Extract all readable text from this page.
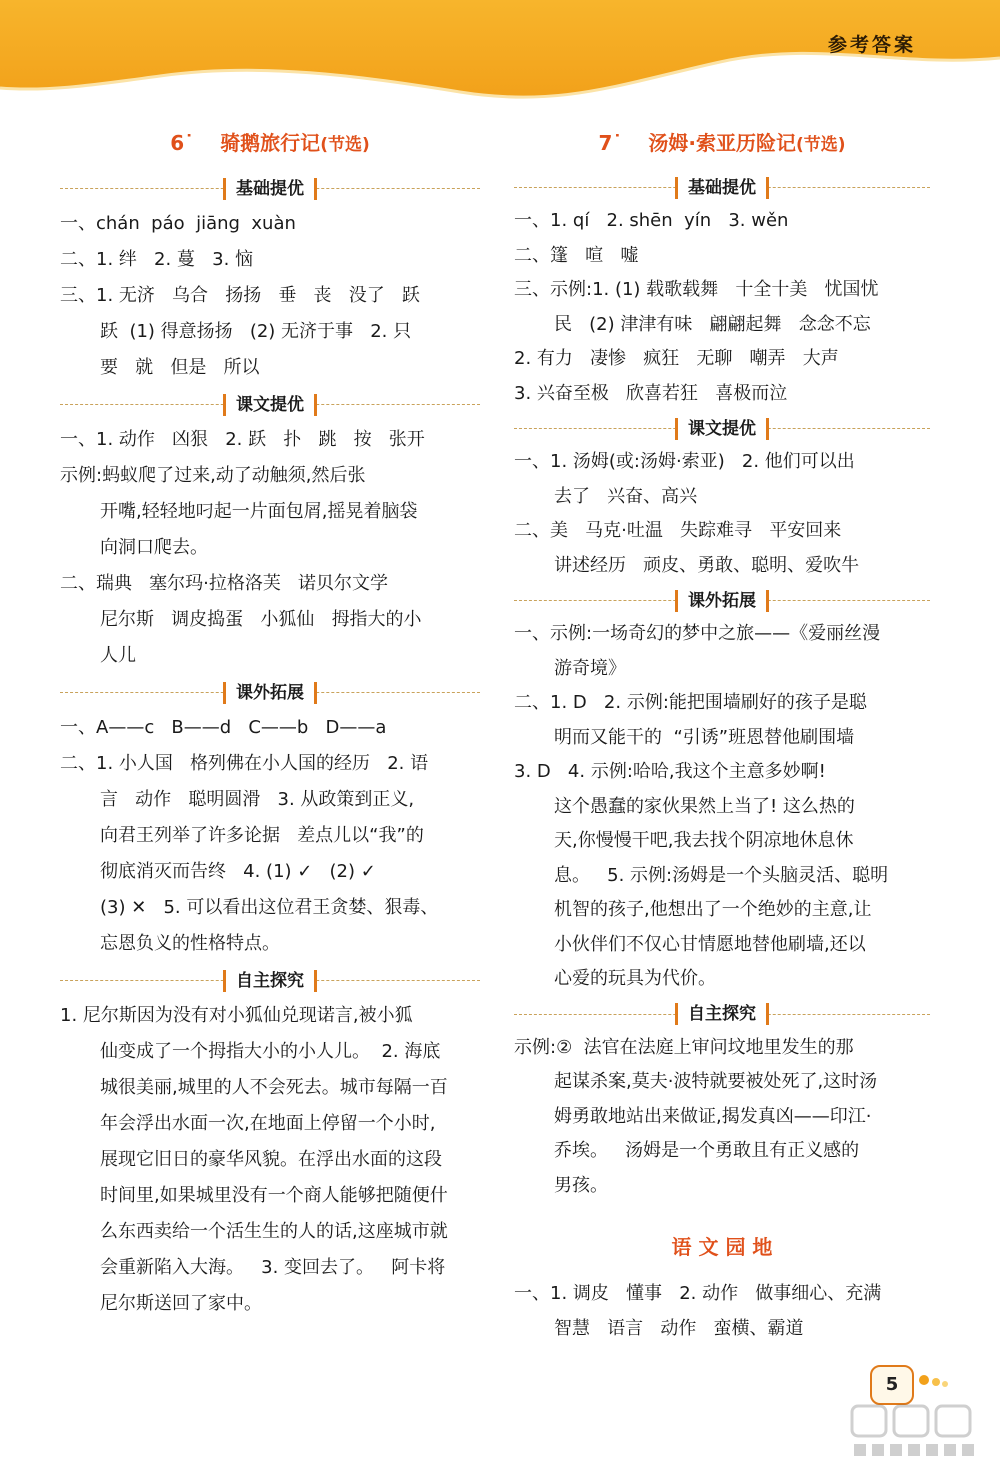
参考答案
6˙ 骑鹅旅行记(节选)
基础提优
一、chán  páo  jiāng  xuàn
二、1. 绊   2. 蔓   3. 恼
三、1. 无济   乌合   扬扬   垂   丧   没了   跃
跃  (1) 得意扬扬   (2) 无济于事   2. 只
要   就   但是   所以
课文提优
一、1. 动作   凶狠   2. 跃   扑   跳   按   张开
示例:蚂蚁爬了过来,动了动触须,然后张
开嘴,轻轻地叼起一片面包屑,摇晃着脑袋
向洞口爬去。
二、瑞典   塞尔玛·拉格洛芙   诺贝尔文学
尼尔斯   调皮捣蛋   小狐仙   拇指大的小
人儿
课外拓展
一、A——c   B——d   C——b   D——a
二、1. 小人国   格列佛在小人国的经历   2. 语
言   动作   聪明圆滑   3. 从政策到正义,
向君王列举了许多论据   差点儿以“我”的
彻底消灭而告终   4. (1) ✓   (2) ✓
(3) ✕   5. 可以看出这位君王贪婪、狠毒、
忘恩负义的性格特点。
自主探究
1. 尼尔斯因为没有对小狐仙兑现诺言,被小狐
仙变成了一个拇指大小的小人儿。  2. 海底
城很美丽,城里的人不会死去。城市每隔一百
年会浮出水面一次,在地面上停留一个小时,
展现它旧日的豪华风貌。在浮出水面的这段
时间里,如果城里没有一个商人能够把随便什
么东西卖给一个活生生的人的话,这座城市就
会重新陷入大海。   3. 变回去了。   阿卡将
尼尔斯送回了家中。
7˙ 汤姆·索亚历险记(节选)
基础提优
一、1. qí   2. shēn  yín   3. wěn
二、篷   喧   嘘
三、示例:1. (1) 载歌载舞   十全十美   忧国忧
民   (2) 津津有味   翩翩起舞   念念不忘
2. 有力   凄惨   疯狂   无聊   嘲弄   大声
3. 兴奋至极   欣喜若狂   喜极而泣
课文提优
一、1. 汤姆(或:汤姆·索亚)   2. 他们可以出
去了   兴奋、高兴
二、美   马克·吐温   失踪难寻   平安回来
讲述经历   顽皮、勇敢、聪明、爱吹牛
课外拓展
一、示例:一场奇幻的梦中之旅——《爱丽丝漫
游奇境》
二、1. D   2. 示例:能把围墙刷好的孩子是聪
明而又能干的  “引诱”班恩替他刷围墙
3. D   4. 示例:哈哈,我这个主意多妙啊!
这个愚蠢的家伙果然上当了! 这么热的
天,你慢慢干吧,我去找个阴凉地休息休
息。   5. 示例:汤姆是一个头脑灵活、聪明
机智的孩子,他想出了一个绝妙的主意,让
小伙伴们不仅心甘情愿地替他刷墙,还以
心爱的玩具为代价。
自主探究
示例:②  法官在法庭上审问坟地里发生的那
起谋杀案,莫夫·波特就要被处死了,这时汤
姆勇敢地站出来做证,揭发真凶——印江·
乔埃。   汤姆是一个勇敢且有正义感的
男孩。
语 文 园 地
一、1. 调皮   懂事   2. 动作   做事细心、充满
智慧   语言   动作   蛮横、霸道
5
